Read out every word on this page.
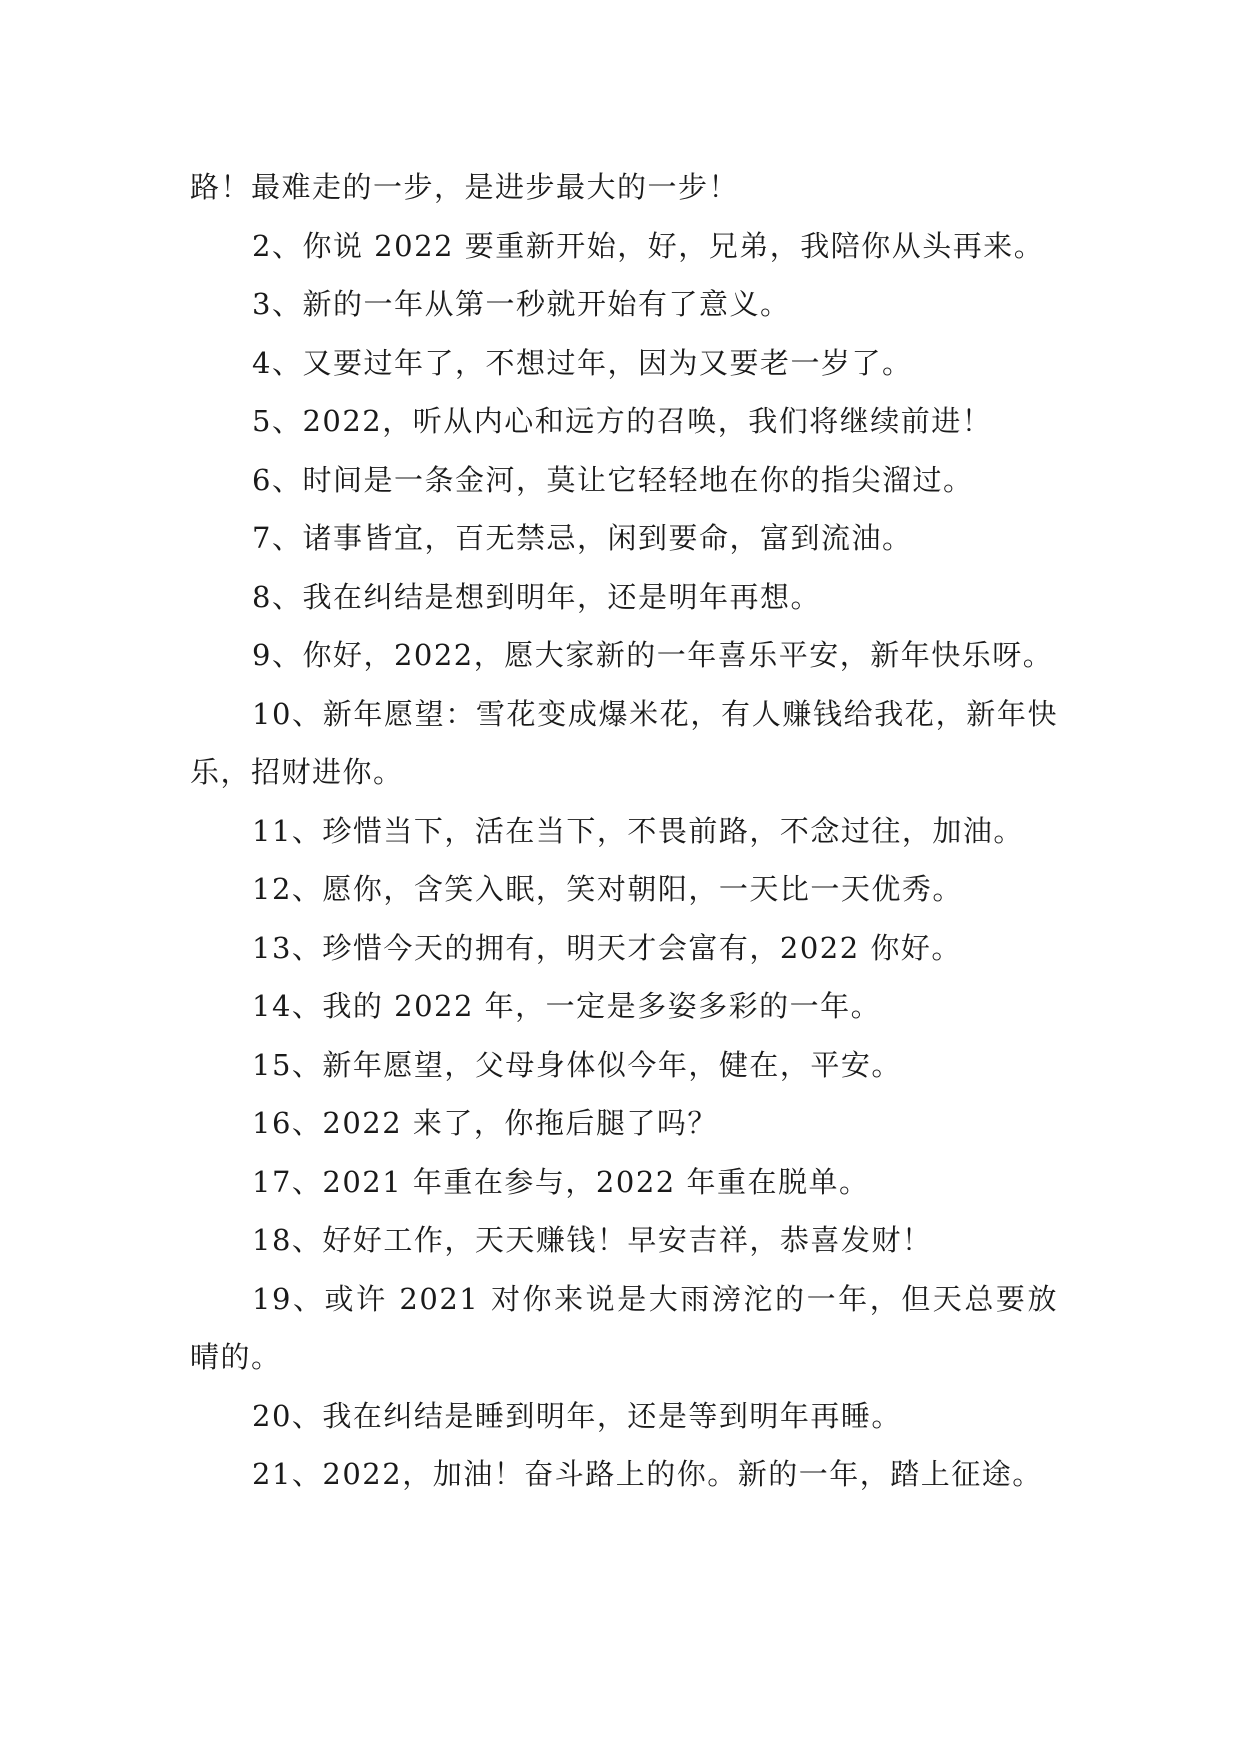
路！最难走的一步，是进步最大的一步！

2、你说 2022 要重新开始，好，兄弟，我陪你从头再来。

3、新的一年从第一秒就开始有了意义。

4、又要过年了，不想过年，因为又要老一岁了。

5、2022，听从内心和远方的召唤，我们将继续前进！

6、时间是一条金河，莫让它轻轻地在你的指尖溜过。

7、诸事皆宜，百无禁忌，闲到要命，富到流油。

8、我在纠结是想到明年，还是明年再想。

9、你好，2022，愿大家新的一年喜乐平安，新年快乐呀。

10、新年愿望：雪花变成爆米花，有人赚钱给我花，新年快乐，招财进你。

11、珍惜当下，活在当下，不畏前路，不念过往，加油。

12、愿你，含笑入眠，笑对朝阳，一天比一天优秀。

13、珍惜今天的拥有，明天才会富有，2022 你好。

14、我的 2022 年，一定是多姿多彩的一年。

15、新年愿望，父母身体似今年，健在，平安。

16、2022 来了，你拖后腿了吗？

17、2021 年重在参与，2022 年重在脱单。

18、好好工作，天天赚钱！早安吉祥，恭喜发财！

19、或许 2021 对你来说是大雨滂沱的一年，但天总要放晴的。

20、我在纠结是睡到明年，还是等到明年再睡。

21、2022，加油！奋斗路上的你。新的一年，踏上征途。
